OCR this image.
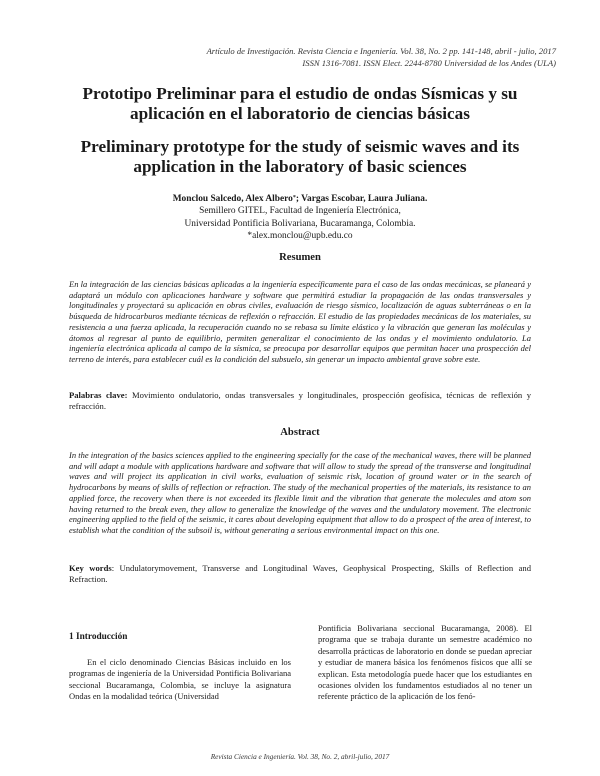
Artículo de Investigación. Revista Ciencia e Ingeniería. Vol. 38, No. 2 pp. 141-148, abril - julio, 2017
ISSN 1316-7081. ISSN Elect. 2244-8780 Universidad de los Andes (ULA)
Prototipo Preliminar para el estudio de ondas Sísmicas y su aplicación en el laboratorio de ciencias básicas
Preliminary prototype for the study of seismic waves and its application in the laboratory of basic sciences
Monclou Salcedo, Alex Albero*; Vargas Escobar, Laura Juliana.
Semillero GITEL, Facultad de Ingeniería Electrónica,
Universidad Pontificia Bolivariana, Bucaramanga, Colombia.
*alex.monclou@upb.edu.co
Resumen
En la integración de las ciencias básicas aplicadas a la ingeniería específicamente para el caso de las ondas mecánicas, se planeará y adaptará un módulo con aplicaciones hardware y software que permitirá estudiar la propagación de las ondas transversales y longitudinales y proyectará su aplicación en obras civiles, evaluación de riesgo sísmico, localización de aguas subterráneas o en la búsqueda de hidrocarburos mediante técnicas de reflexión o refracción. El estudio de las propiedades mecánicas de los materiales, su resistencia a una fuerza aplicada, la recuperación cuando no se rebasa su límite elástico y la vibración que generan las moléculas y átomos al regresar al punto de equilibrio, permiten generalizar el conocimiento de las ondas y el movimiento ondulatorio. La ingeniería electrónica aplicada al campo de la sísmica, se preocupa por desarrollar equipos que permitan hacer una prospección del terreno de interés, para establecer cuál es la condición del subsuelo, sin generar un impacto ambiental grave sobre este.
Palabras clave: Movimiento ondulatorio, ondas transversales y longitudinales, prospección geofísica, técnicas de reflexión y refracción.
Abstract
In the integration of the basics sciences applied to the engineering specially for the case of the mechanical waves, there will be planned and will adapt a module with applications hardware and software that will allow to study the spread of the transverse and longitudinal waves and will project its application in civil works, evaluation of seismic risk, location of ground water or in the search of hydrocarbons by means of skills of reflection or refraction. The study of the mechanical properties of the materials, its resistance to an applied force, the recovery when there is not exceeded its flexible limit and the vibration that generate the molecules and atom son having returned to the break even, they allow to generalize the knowledge of the waves and the undulatory movement. The electronic engineering applied to the field of the seismic, it cares about developing equipment that allow to do a prospect of the area of interest, to establish what the condition of the subsoil is, without generating a serious environmental impact on this one.
Key words: Undulatorymovement, Transverse and Longitudinal Waves, Geophysical Prospecting, Skills of Reflection and Refraction.
1 Introducción
En el ciclo denominado Ciencias Básicas incluido en los programas de ingeniería de la Universidad Pontificia Bolivariana seccional Bucaramanga, Colombia, se incluye la asignatura Ondas en la modalidad teórica (Universidad
Pontificia Bolivariana seccional Bucaramanga, 2008). El programa que se trabaja durante un semestre académico no desarrolla prácticas de laboratorio en donde se puedan apreciar y estudiar de manera básica los fenómenos físicos que allí se explican. Esta metodología puede hacer que los estudiantes en ocasiones olviden los fundamentos estudiados al no tener un referente práctico de la aplicación de los fenó-
Revista Ciencia e Ingeniería. Vol. 38, No. 2, abril-julio, 2017
